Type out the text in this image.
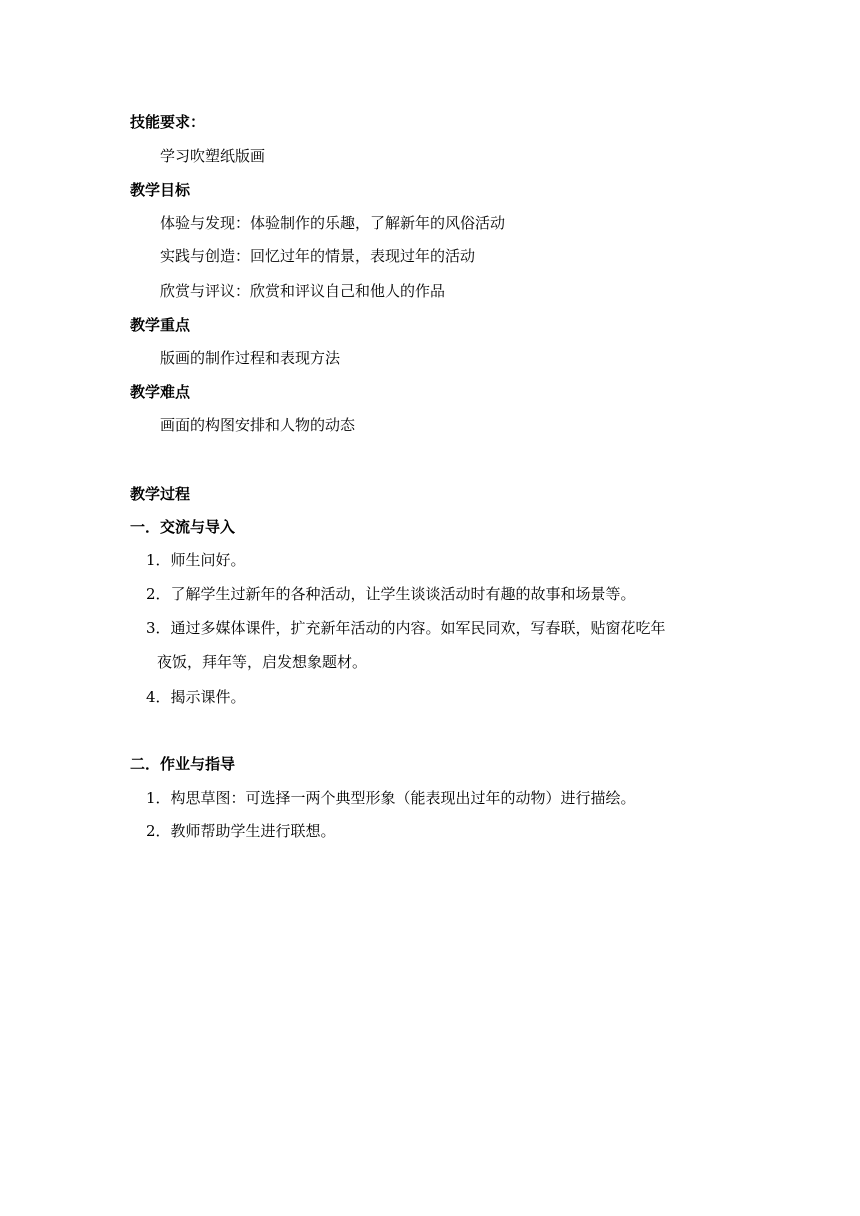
技能要求：
学习吹塑纸版画
教学目标
体验与发现：体验制作的乐趣，了解新年的风俗活动
实践与创造：回忆过年的情景，表现过年的活动
欣赏与评议：欣赏和评议自己和他人的作品
教学重点
版画的制作过程和表现方法
教学难点
画面的构图安排和人物的动态
教学过程
一．交流与导入
1．师生问好。
2．了解学生过新年的各种活动，让学生谈谈活动时有趣的故事和场景等。
3．通过多媒体课件，扩充新年活动的内容。如军民同欢，写春联，贴窗花吃年
夜饭，拜年等，启发想象题材。
4．揭示课件。
二．作业与指导
1．构思草图：可选择一两个典型形象（能表现出过年的动物）进行描绘。
2．教师帮助学生进行联想。
